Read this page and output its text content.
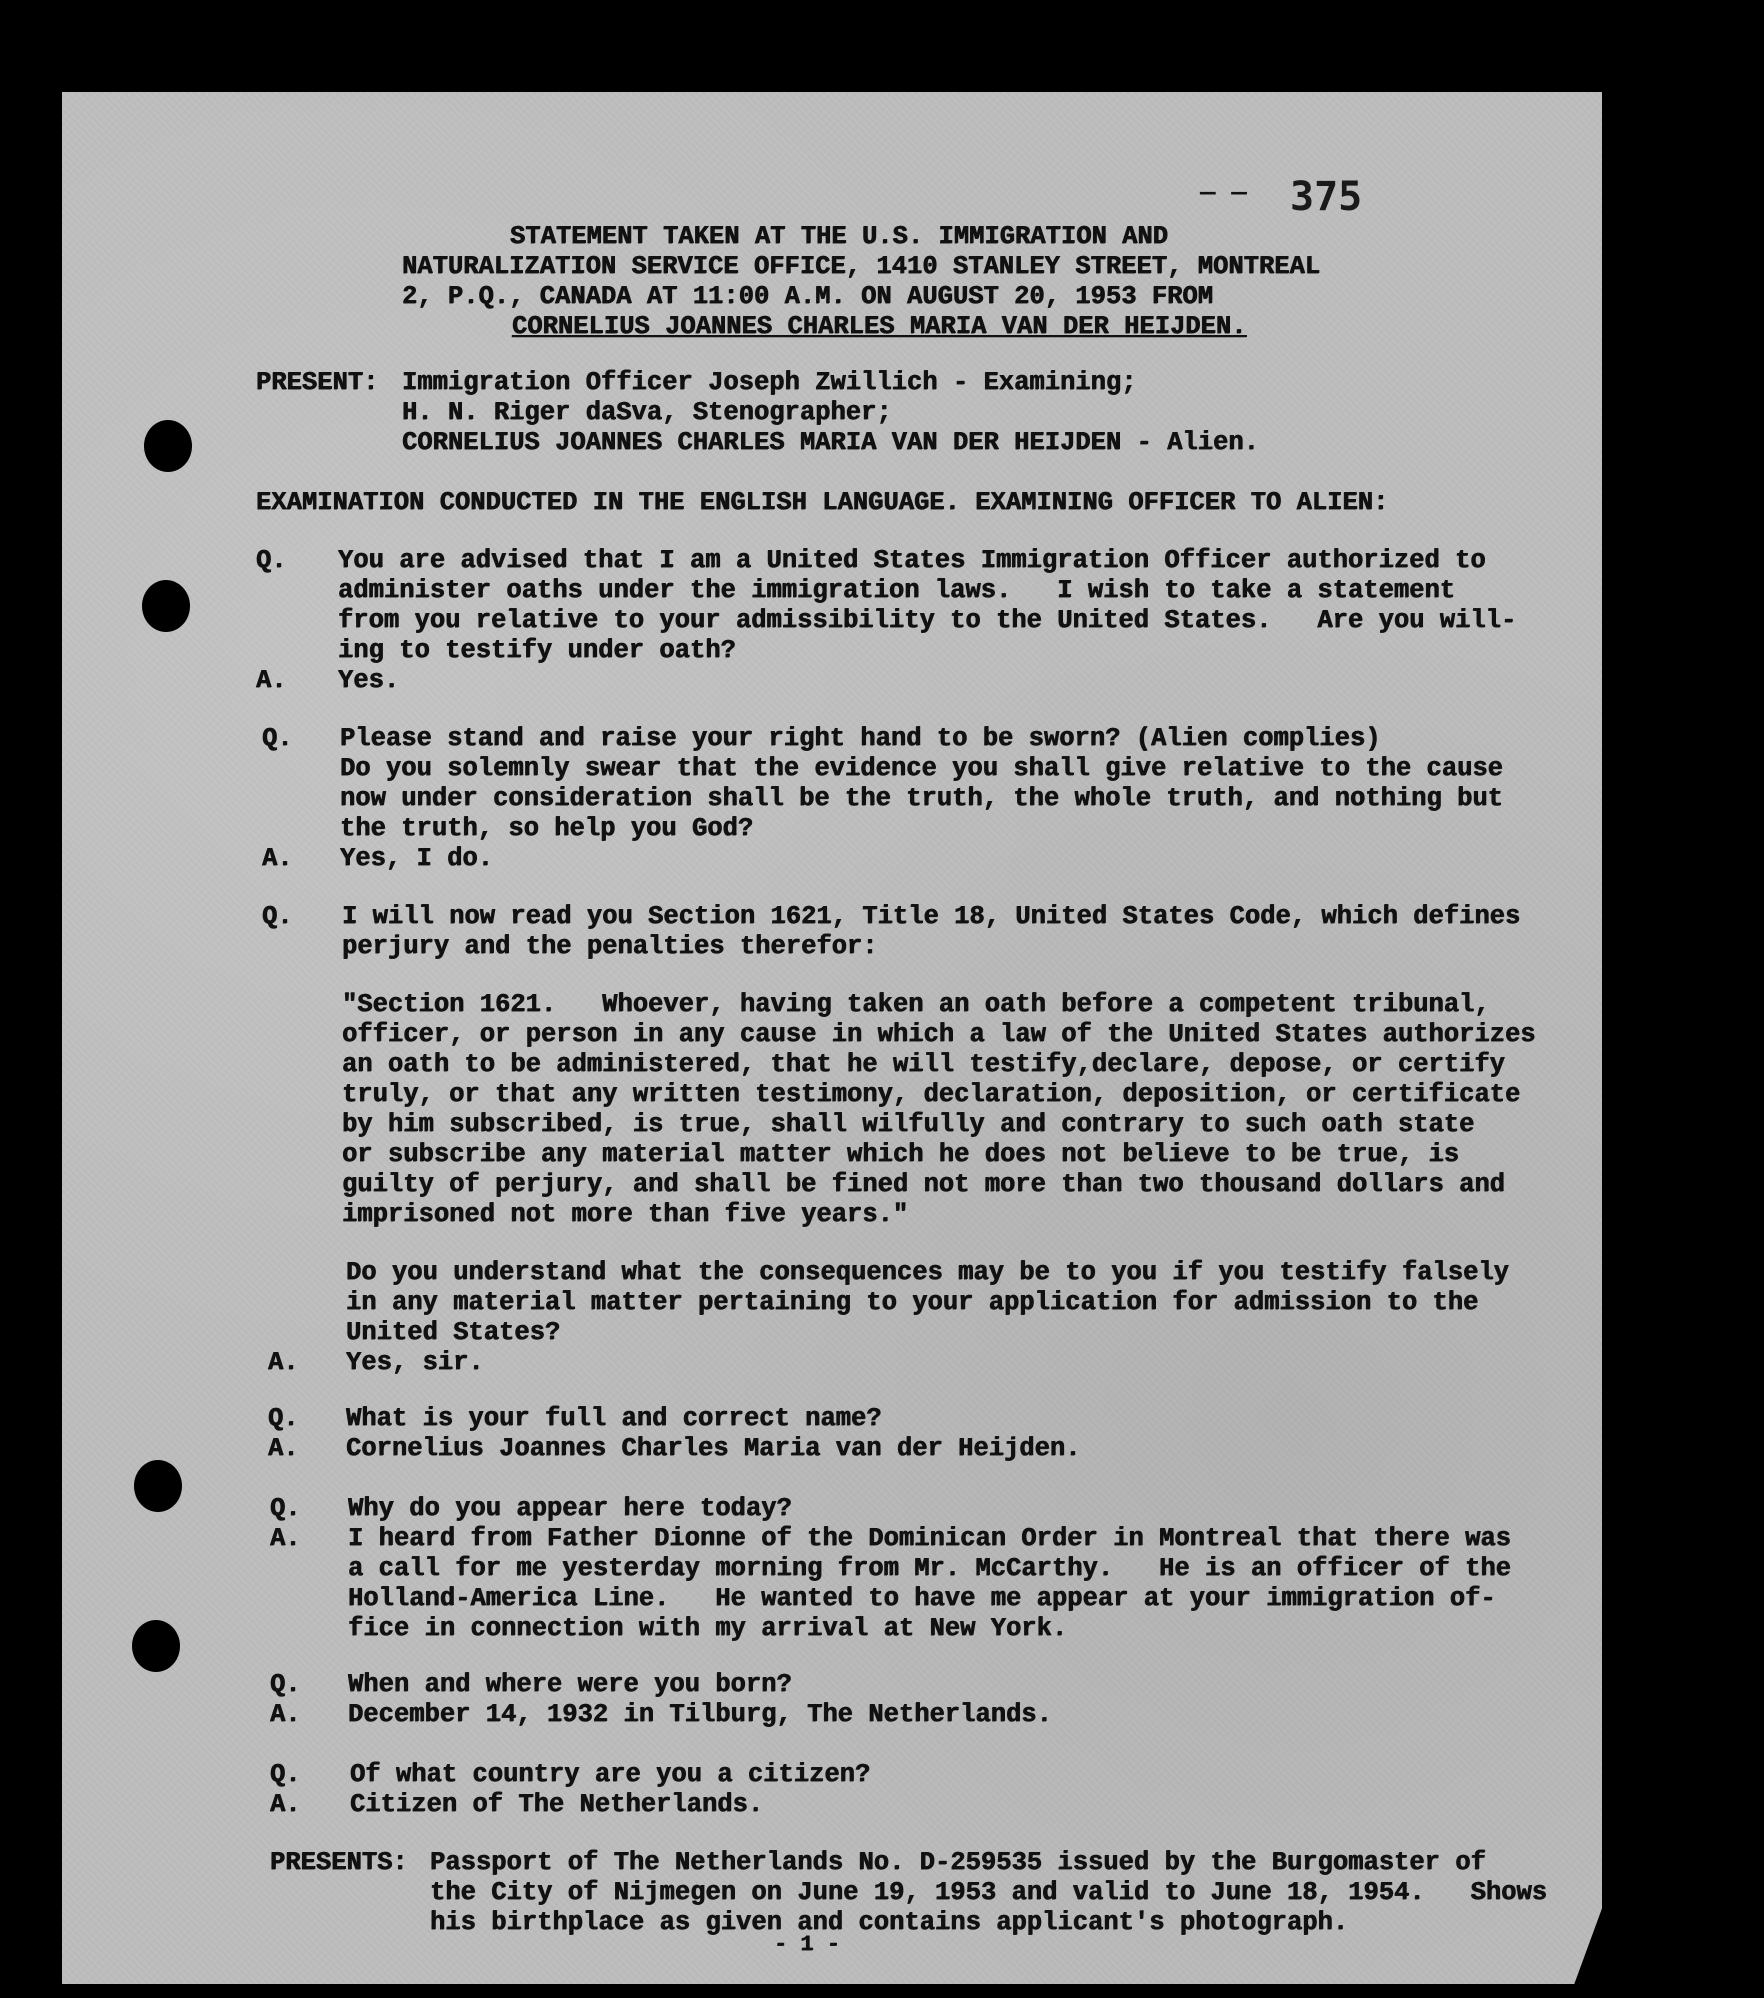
375
— —

STATEMENT TAKEN AT THE U.S. IMMIGRATION AND

NATURALIZATION SERVICE OFFICE, 1410 STANLEY STREET, MONTREAL

2, P.Q., CANADA AT 11:00 A.M. ON AUGUST 20, 1953 FROM

CORNELIUS JOANNES CHARLES MARIA VAN DER HEIJDEN.

PRESENT: Immigration Officer Joseph Zwillich - Examining;

H. N. Riger daSva, Stenographer;

CORNELIUS JOANNES CHARLES MARIA VAN DER HEIJDEN - Alien.

EXAMINATION CONDUCTED IN THE ENGLISH LANGUAGE. EXAMINING OFFICER TO ALIEN:

Q. You are advised that I am a United States Immigration Officer authorized to
administer oaths under the immigration laws.   I wish to take a statement
from you relative to your admissibility to the United States.   Are you will-
ing to testify under oath?

A. Yes.

Q. Please stand and raise your right hand to be sworn? (Alien complies)
Do you solemnly swear that the evidence you shall give relative to the cause
now under consideration shall be the truth, the whole truth, and nothing but
the truth, so help you God?

A. Yes, I do.

Q. I will now read you Section 1621, Title 18, United States Code, which defines
perjury and the penalties therefor:

"Section 1621.   Whoever, having taken an oath before a competent tribunal,
officer, or person in any cause in which a law of the United States authorizes
an oath to be administered, that he will testify,declare, depose, or certify
truly, or that any written testimony, declaration, deposition, or certificate
by him subscribed, is true, shall wilfully and contrary to such oath state
or subscribe any material matter which he does not believe to be true, is
guilty of perjury, and shall be fined not more than two thousand dollars and
imprisoned not more than five years."

Do you understand what the consequences may be to you if you testify falsely
in any material matter pertaining to your application for admission to the
United States?

A. Yes, sir.

Q. What is your full and correct name?

A. Cornelius Joannes Charles Maria van der Heijden.

Q. Why do you appear here today?

A. I heard from Father Dionne of the Dominican Order in Montreal that there was
a call for me yesterday morning from Mr. McCarthy.   He is an officer of the
Holland-America Line.   He wanted to have me appear at your immigration of-
fice in connection with my arrival at New York.

Q. When and where were you born?

A. December 14, 1932 in Tilburg, The Netherlands.

Q. Of what country are you a citizen?

A. Citizen of The Netherlands.

PRESENTS: Passport of The Netherlands No. D-259535 issued by the Burgomaster of
the City of Nijmegen on June 19, 1953 and valid to June 18, 1954.   Shows
his birthplace as given and contains applicant's photograph.

- 1 -
